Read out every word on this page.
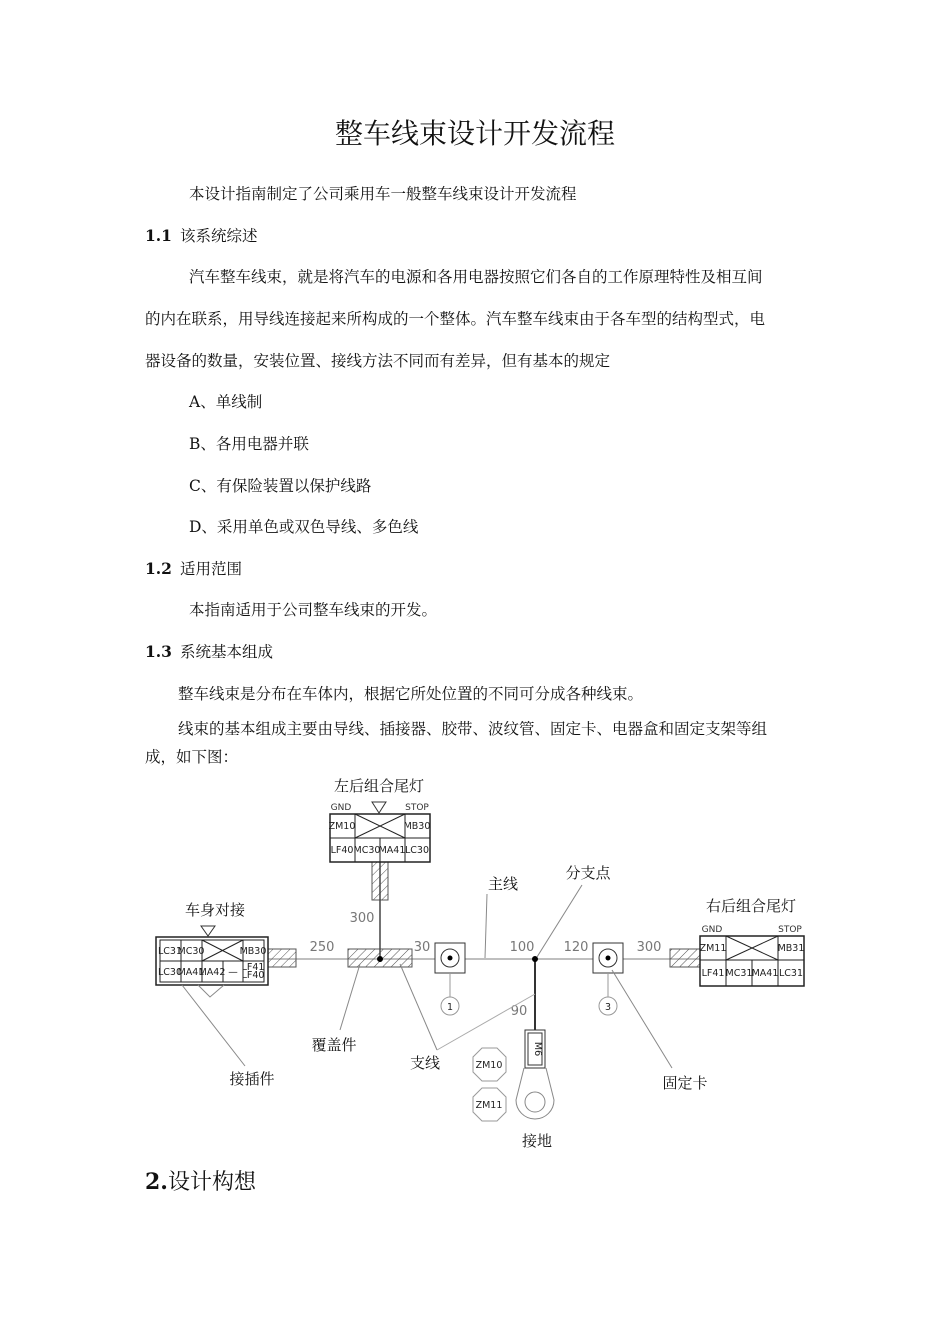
整车线束设计开发流程
本设计指南制定了公司乘用车一般整车线束设计开发流程
1.1 该系统综述
汽车整车线束，就是将汽车的电源和各用电器按照它们各自的工作原理特性及相互间
的内在联系，用导线连接起来所构成的一个整体。汽车整车线束由于各车型的结构型式，电
器设备的数量，安装位置、接线方法不同而有差异，但有基本的规定
A、单线制
B、各用电器并联
C、有保险装置以保护线路
D、采用单色或双色导线、多色线
1.2 适用范围
本指南适用于公司整车线束的开发。
1.3 系统基本组成
整车线束是分布在车体内，根据它所处位置的不同可分成各种线束。
线束的基本组成主要由导线、插接器、胶带、波纹管、固定卡、电器盒和固定支架等组
成，如下图：
M6
ZM10
ZM11
1	3
300
250	30	100 120	300
90
左后组合尾灯
GND	STOP
ZM10	MB30
LF40 MC30
MA41 LC30
右后组合尾灯
GND	STOP
ZM11	MB31
LF41 MC31 MA41 LC31
车身对接
LC31
MC30	MB30
LC30
MA41
MA42 — LF41
LF40
主线
分支点
覆盖件
支线
接插件	固定卡
接地
2.设计构想
